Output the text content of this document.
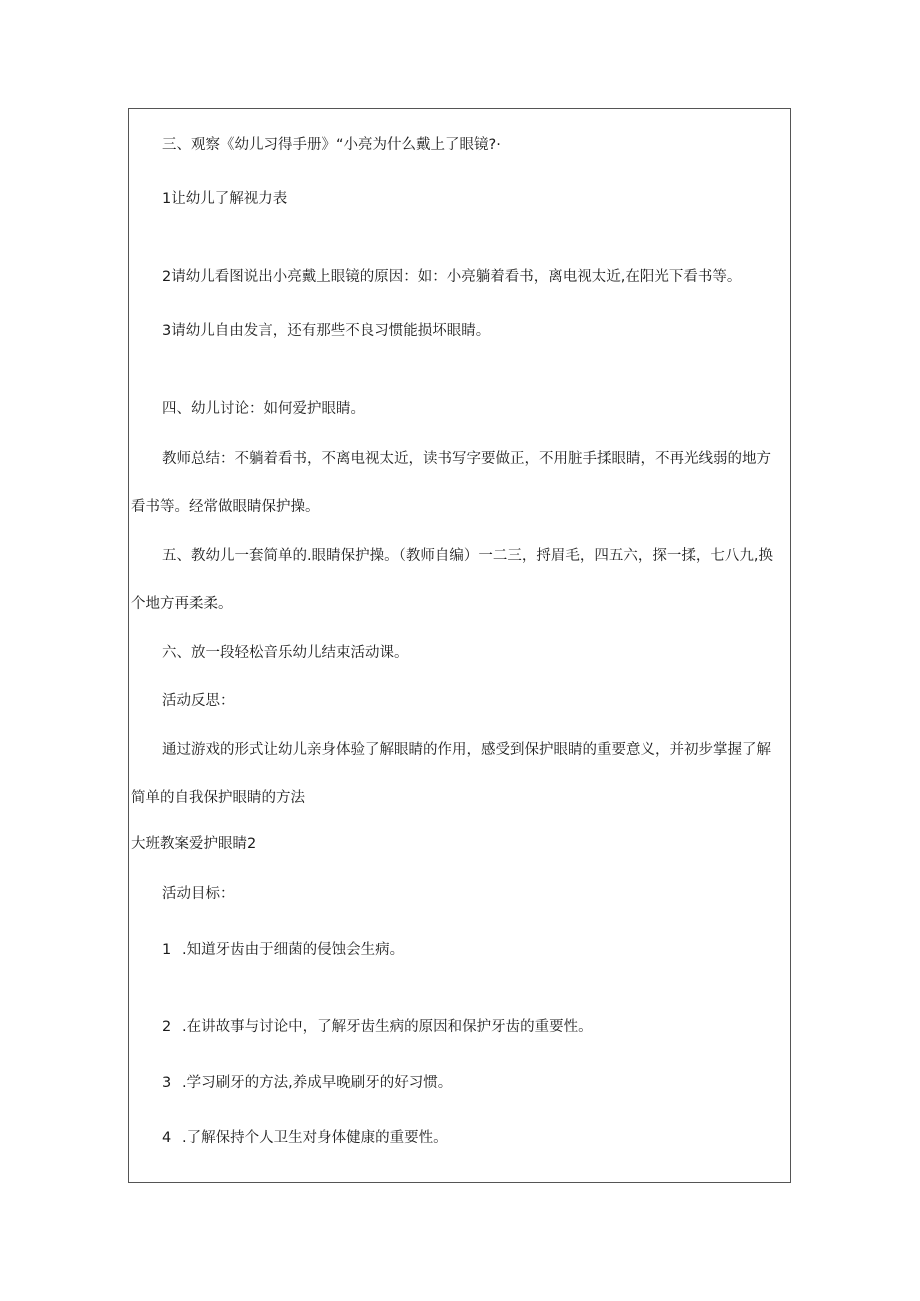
三、观察《幼儿习得手册》“小亮为什么戴上了眼镜?·
1让幼儿了解视力表
2请幼儿看图说出小亮戴上眼镜的原因：如：小亮躺着看书，离电视太近,在阳光下看书等。
3请幼儿自由发言，还有那些不良习惯能损坏眼睛。
四、幼儿讨论：如何爱护眼睛。
教师总结：不躺着看书，不离电视太近，读书写字要做正，不用脏手揉眼睛，不再光线弱的地方
看书等。经常做眼睛保护操。
五、教幼儿一套简单的.眼睛保护操。（教师自编）一二三，捋眉毛，四五六，探一揉，七八九,换
个地方再柔柔。
六、放一段轻松音乐幼儿结束活动课。
活动反思：
通过游戏的形式让幼儿亲身体验了解眼睛的作用，感受到保护眼睛的重要意义，并初步掌握了解
简单的自我保护眼睛的方法
大班教案爱护眼睛2
活动目标：
1 .知道牙齿由于细菌的侵蚀会生病。
2 .在讲故事与讨论中，了解牙齿生病的原因和保护牙齿的重要性。
3 .学习刷牙的方法,养成早晚刷牙的好习惯。
4 .了解保持个人卫生对身体健康的重要性。
